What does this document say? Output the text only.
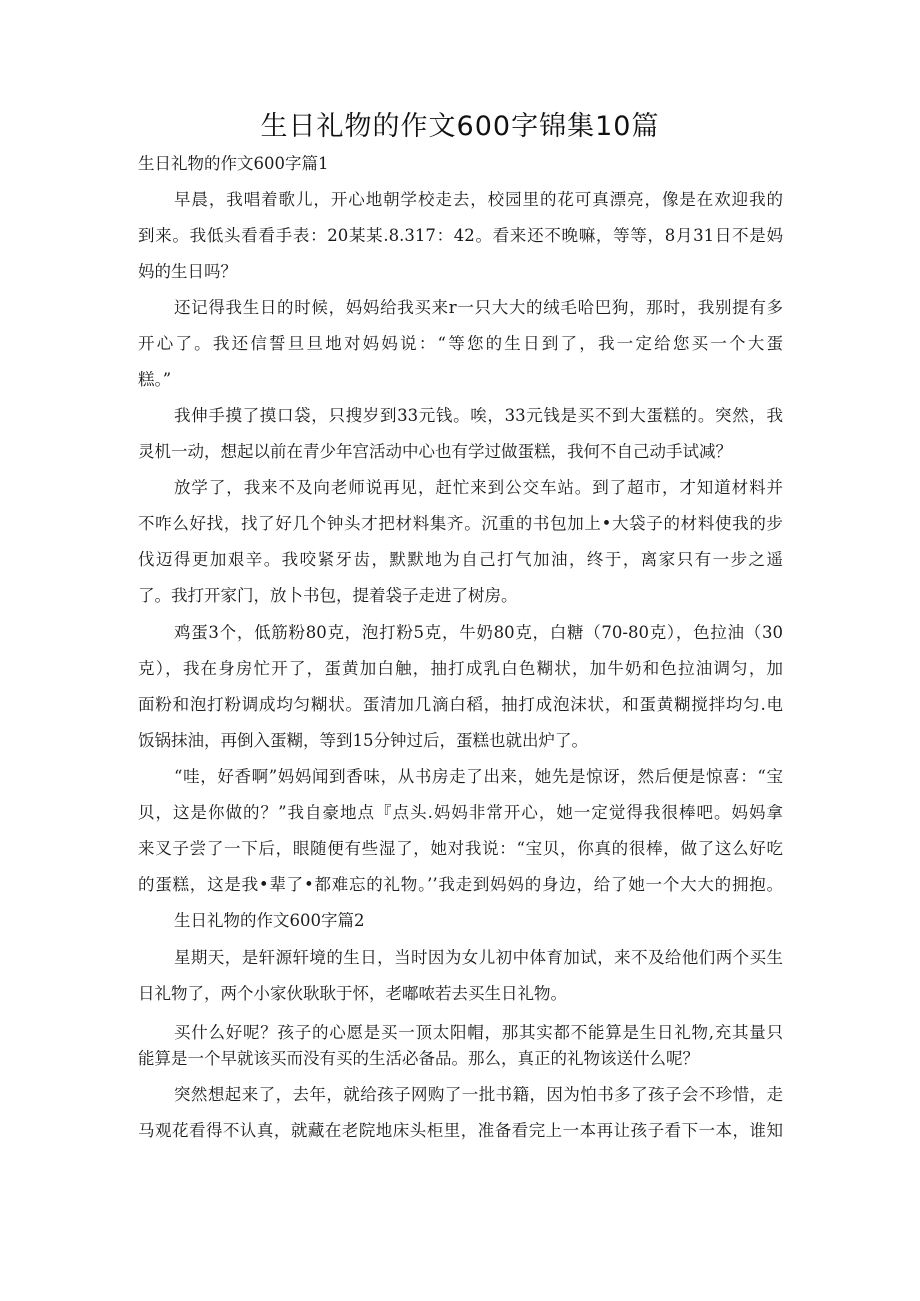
生日礼物的作文600字锦集10篇
生日礼物的作文600字篇1
早晨，我唱着歌儿，开心地朝学校走去，校园里的花可真漂亮，像是在欢迎我的
到来。我低头看看手表：20某某.8.317：42。看来还不晚嘛，等等，8月31日不是妈
妈的生日吗？
还记得我生日的时候，妈妈给我买来r一只大大的绒毛哈巴狗，那时，我别提有多
开心了。我还信誓旦旦地对妈妈说：“等您的生日到了，我一定给您买一个大蛋
糕。”
我伸手摸了摸口袋，只搜岁到33元钱。唉，33元钱是买不到大蛋糕的。突然，我
灵机一动，想起以前在青少年宫活动中心也有学过做蛋糕，我何不自己动手试减？
放学了，我来不及向老师说再见，赶忙来到公交车站。到了超市，才知道材料并
不咋么好找，找了好几个钟头才把材料集齐。沉重的书包加上•大袋子的材料使我的步
伐迈得更加艰辛。我咬紧牙齿，默默地为自己打气加油，终于，离家只有一步之遥
了。我打开家门，放卜书包，提着袋子走进了树房。
鸡蛋3个，低筋粉80克，泡打粉5克，牛奶80克，白糖（70-80克），色拉油（30
克），我在身房忙开了，蛋黄加白触，抽打成乳白色糊状，加牛奶和色拉油调匀，加
面粉和泡打粉调成均匀糊状。蛋清加几滴白稻，抽打成泡沫状，和蛋黄糊搅拌均匀.电
饭锅抹油，再倒入蛋糊，等到15分钟过后，蛋糕也就出炉了。
“哇，好香啊”妈妈闻到香味，从书房走了出来，她先是惊讶，然后便是惊喜：“宝
贝，这是你做的？”我自豪地点『点头.妈妈非常开心，她一定觉得我很棒吧。妈妈拿
来叉子尝了一下后，眼随便有些湿了，她对我说：“宝贝，你真的很棒，做了这么好吃
的蛋糕，这是我•辈了•都难忘的礼物。’’我走到妈妈的身边，给了她一个大大的拥抱。
生日礼物的作文600字篇2
星期天，是轩源轩境的生日，当时因为女儿初中体育加试，来不及给他们两个买生
日礼物了，两个小家伙耿耿于怀，老嘟哝若去买生日礼物。
买什么好呢？孩子的心愿是买一顶太阳帽，那其实都不能算是生日礼物,充其量只
能算是一个早就该买而没有买的生活必备品。那么，真正的礼物该送什么呢？
突然想起来了，去年，就给孩子网购了一批书籍，因为怕书多了孩子会不珍惜，走
马观花看得不认真，就藏在老院地床头柜里，准备看完上一本再让孩子看下一本，谁知
